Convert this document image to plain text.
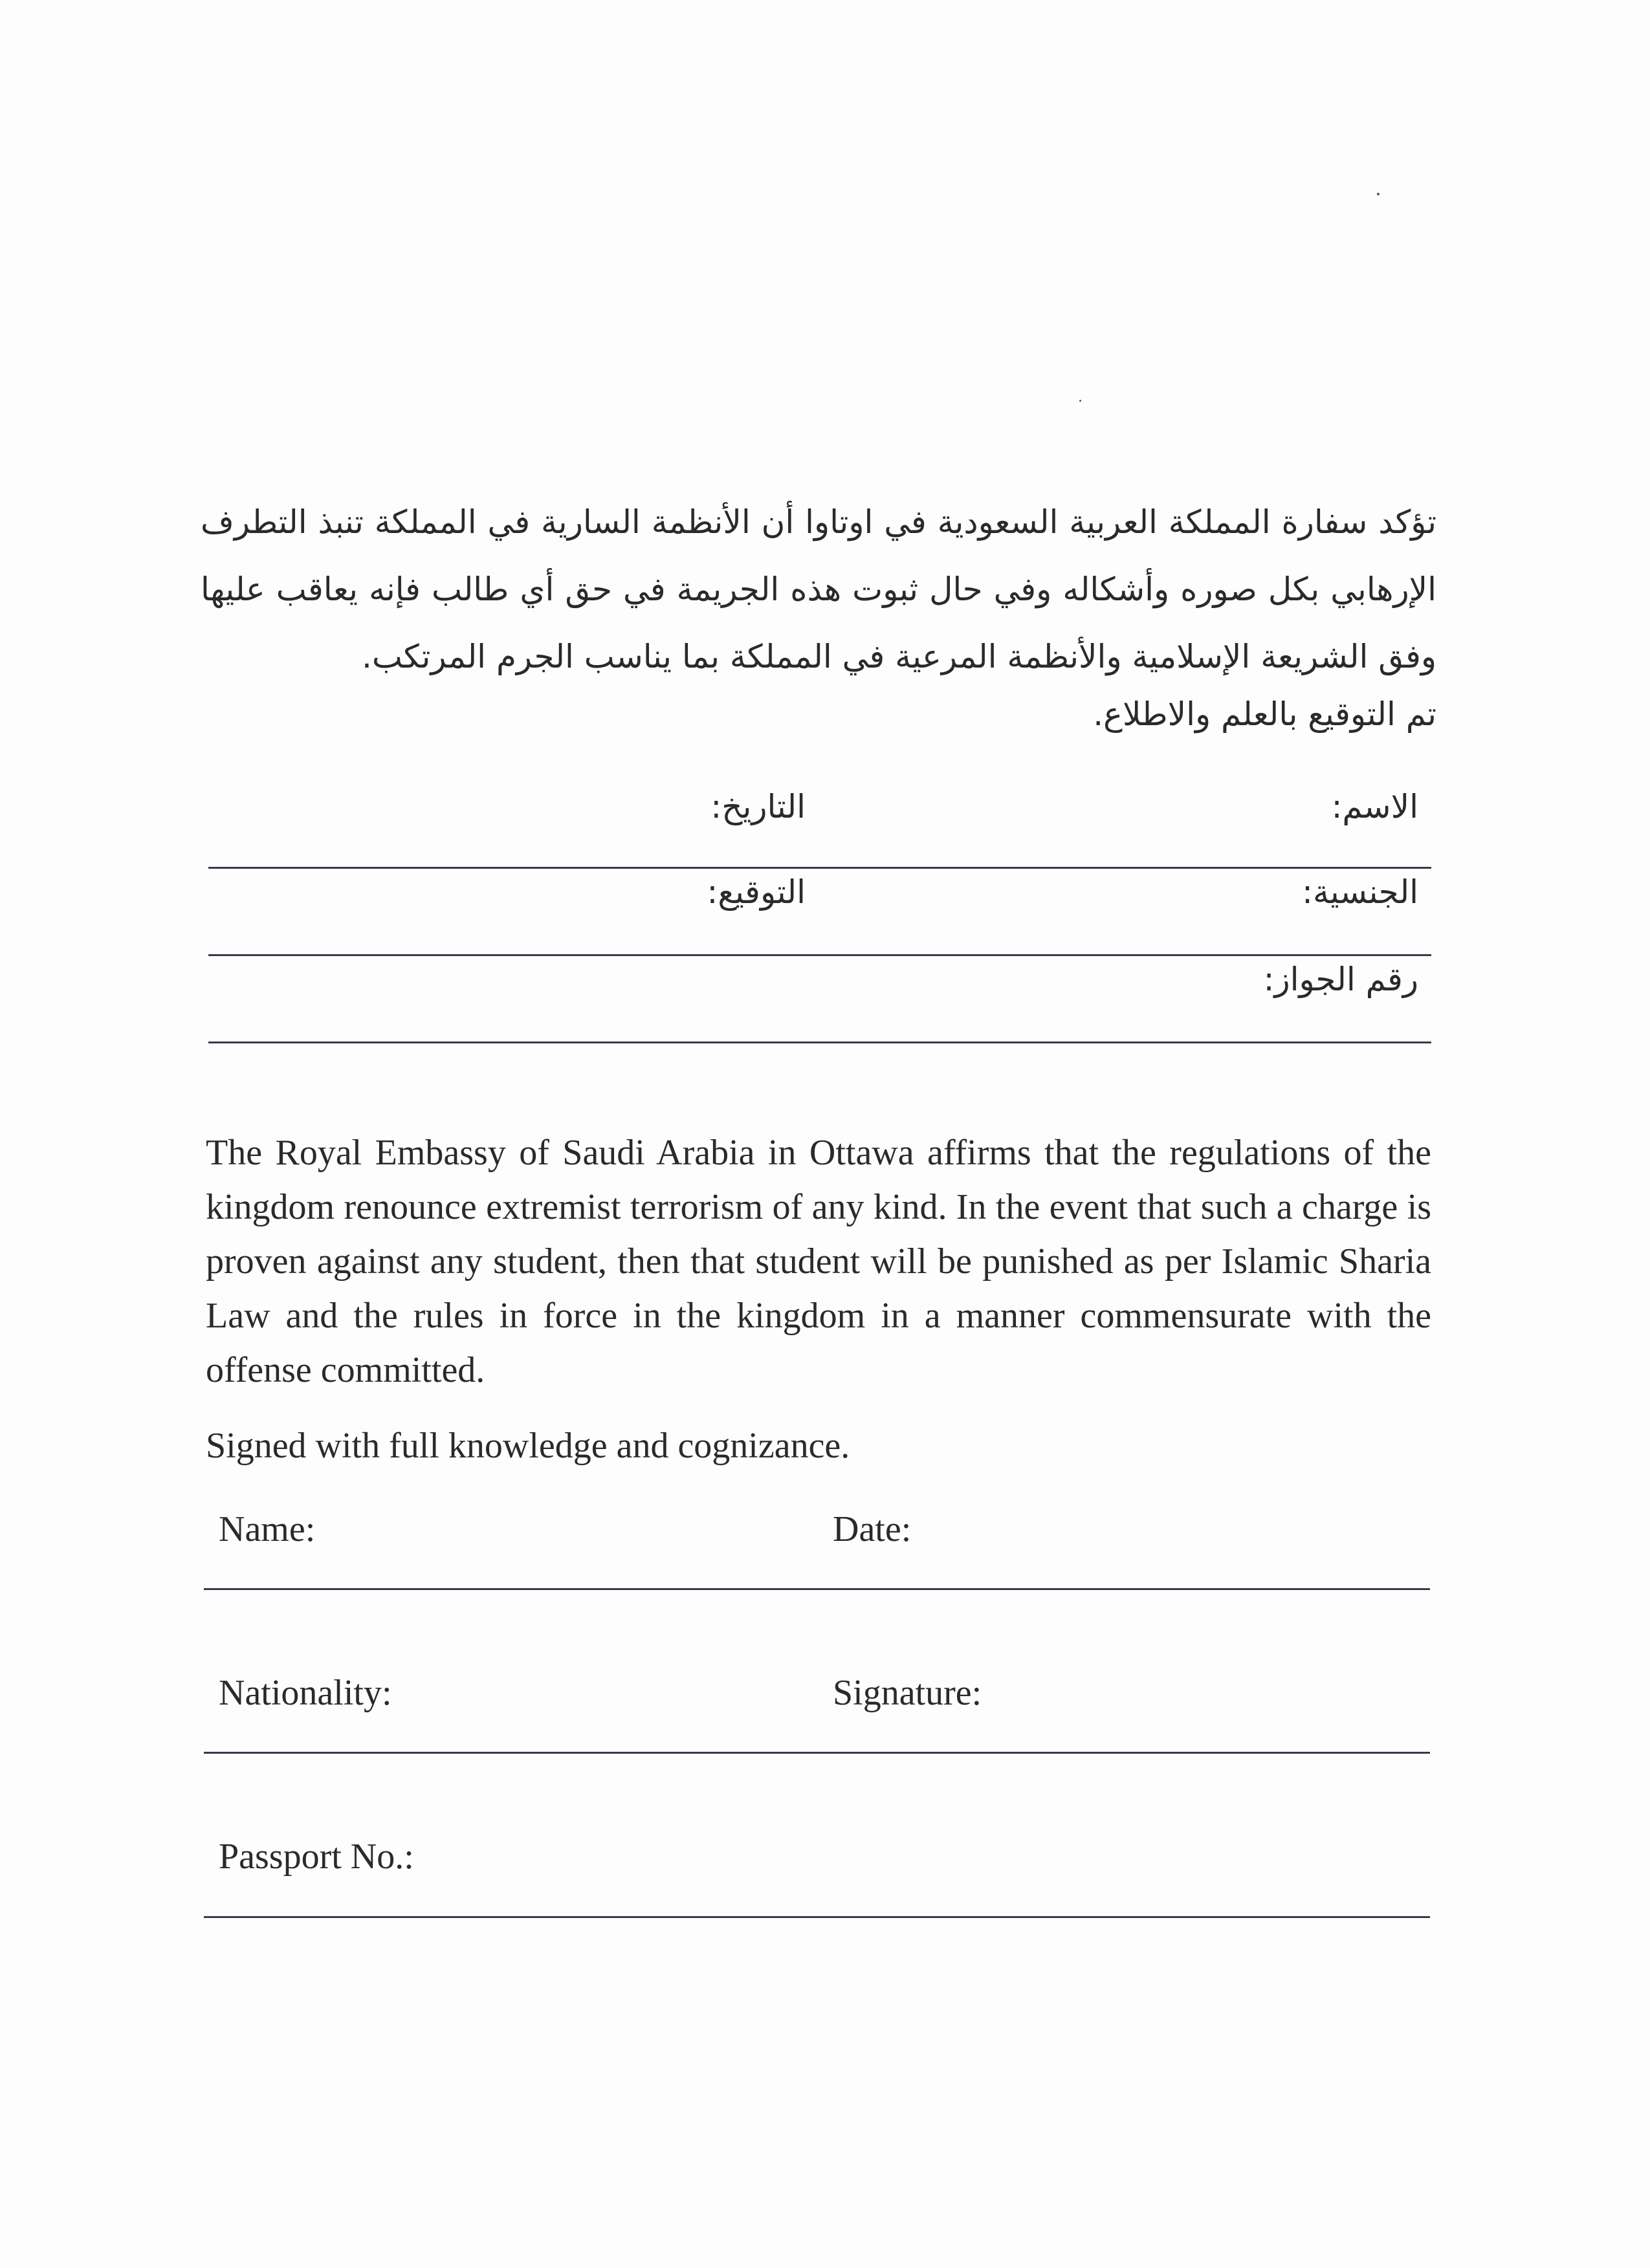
تؤكد سفارة المملكة العربية السعودية في اوتاوا أن الأنظمة السارية في المملكة تنبذ التطرف الإرهابي بكل صوره وأشكاله وفي حال ثبوت هذه الجريمة في حق أي طالب فإنه يعاقب عليها وفق الشريعة الإسلامية والأنظمة المرعية في المملكة بما يناسب الجرم المرتكب.

تم التوقيع بالعلم والاطلاع.

الاسم:

التاريخ:

الجنسية:

التوقيع:

رقم الجواز:

The Royal Embassy of Saudi Arabia in Ottawa affirms that the regulations of the kingdom renounce extremist terrorism of any kind. In the event that such a charge is proven against any student, then that student will be punished as per Islamic Sharia Law and the rules in force in the kingdom in a manner commensurate with the offense committed.

Signed with full knowledge and cognizance.

Name:	Date:

Nationality:	Signature:

Passport No.:
